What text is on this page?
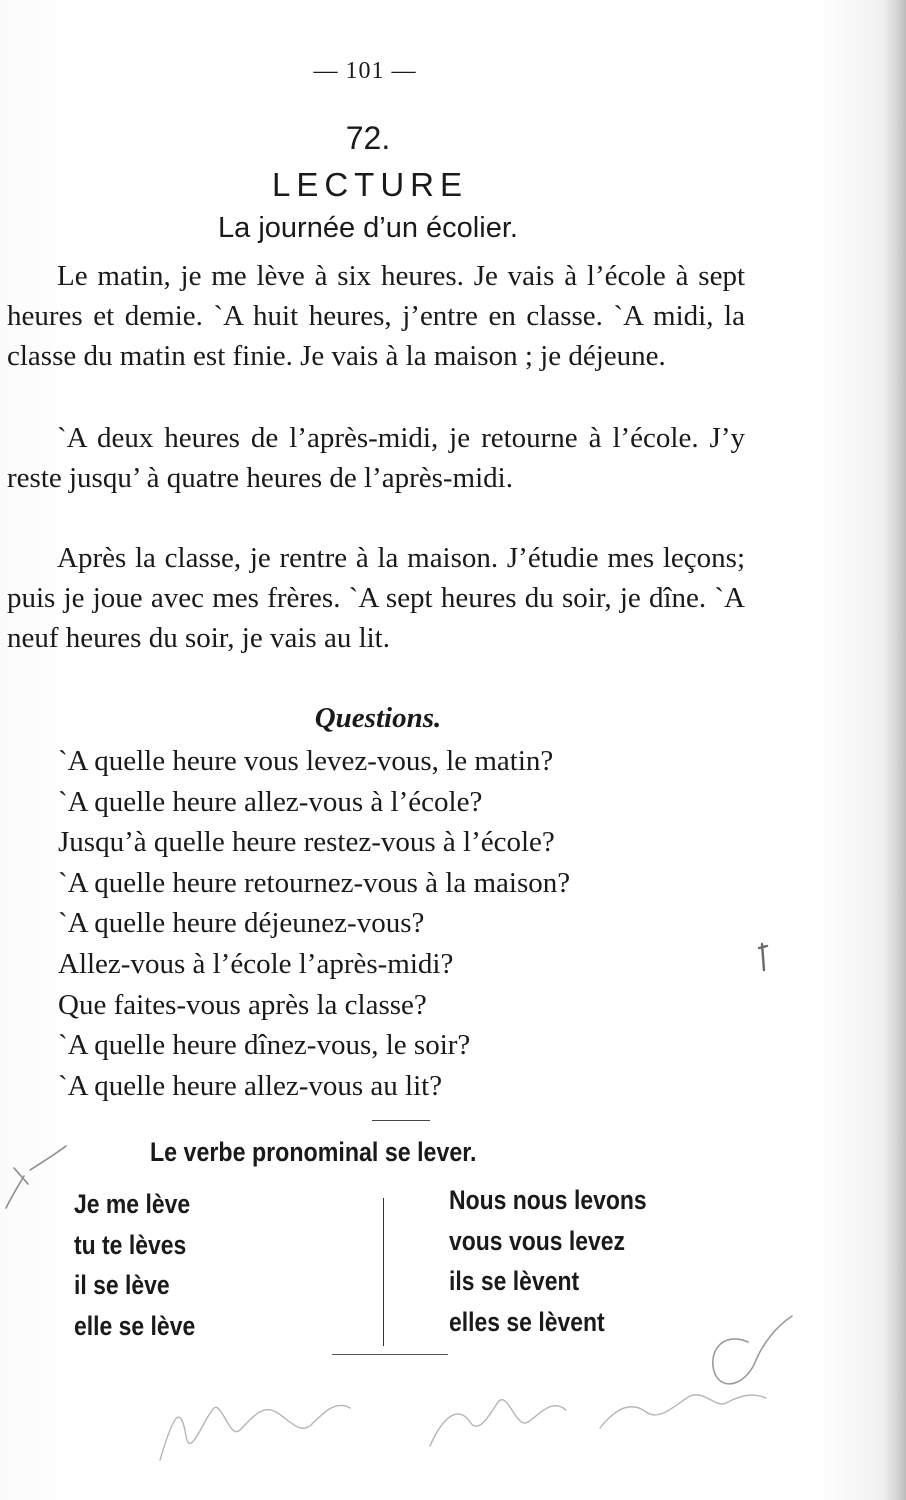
— 101 —
72.
LECTURE
La journée d’un écolier.

Le matin, je me lève à six heures. Je vais à l’école à sept heures et demie. `A huit heures, j’entre en classe. `A midi, la classe du matin est finie. Je vais à la maison ; je déjeune.

`A deux heures de l’après-midi, je retourne à l’école. J’y reste jusqu’ à quatre heures de l’après-midi.

Après la classe, je rentre à la maison. J’étudie mes leçons; puis je joue avec mes frères. `A sept heures du soir, je dîne. `A neuf heures du soir, je vais au lit.

Questions.
`A quelle heure vous levez-vous, le matin?
`A quelle heure allez-vous à l’école?
Jusqu’à quelle heure restez-vous à l’école?
`A quelle heure retournez-vous à la maison?
`A quelle heure déjeunez-vous?
Allez-vous à l’école l’après-midi?
Que faites-vous après la classe?
`A quelle heure dînez-vous, le soir?
`A quelle heure allez-vous au lit?
Le verbe pronominal se lever.
Je me lève
tu te lèves
il se lève
elle se lève
Nous nous levons
vous vous levez
ils se lèvent
elles se lèvent
